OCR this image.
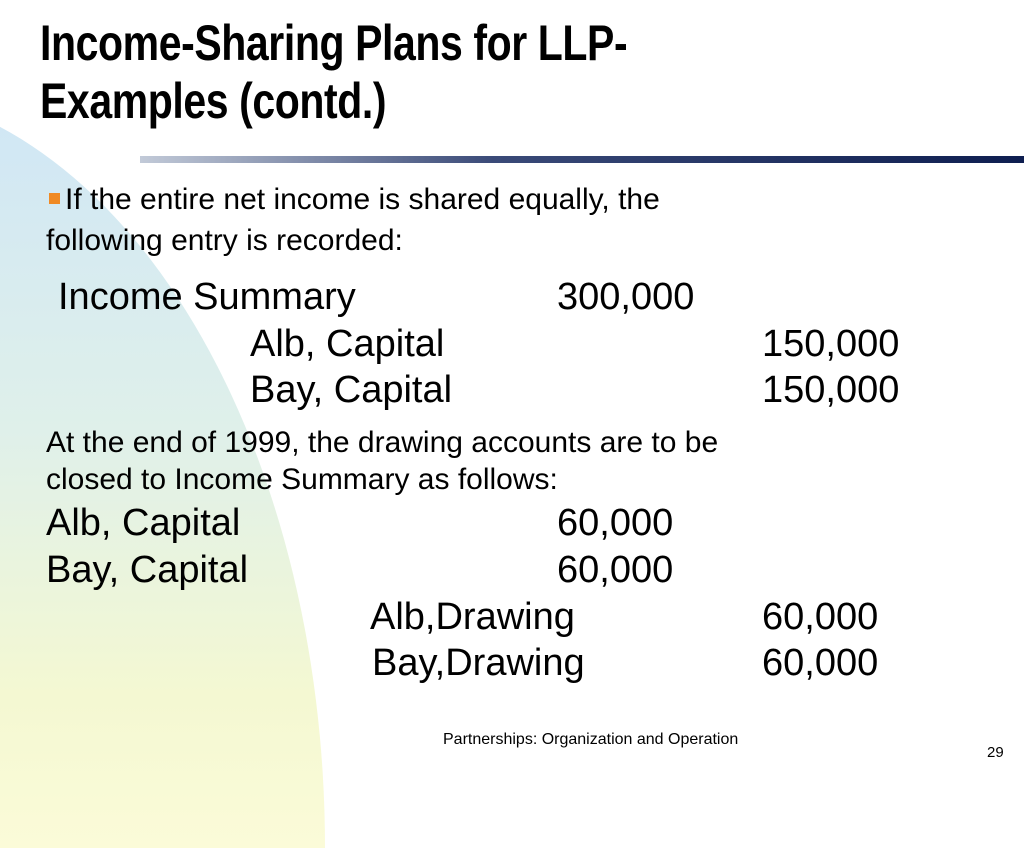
Income-Sharing Plans for LLP-
Examples (contd.)
If the entire net income is shared equally, the
following entry is recorded:
Income Summary	300,000
Alb, Capital	150,000
Bay, Capital	150,000
At the end of 1999, the drawing accounts are to be
closed to Income Summary as follows:
Alb, Capital	60,000
Bay, Capital	60,000
Alb,Drawing	60,000
Bay,Drawing	60,000
Partnerships: Organization and Operation
29
